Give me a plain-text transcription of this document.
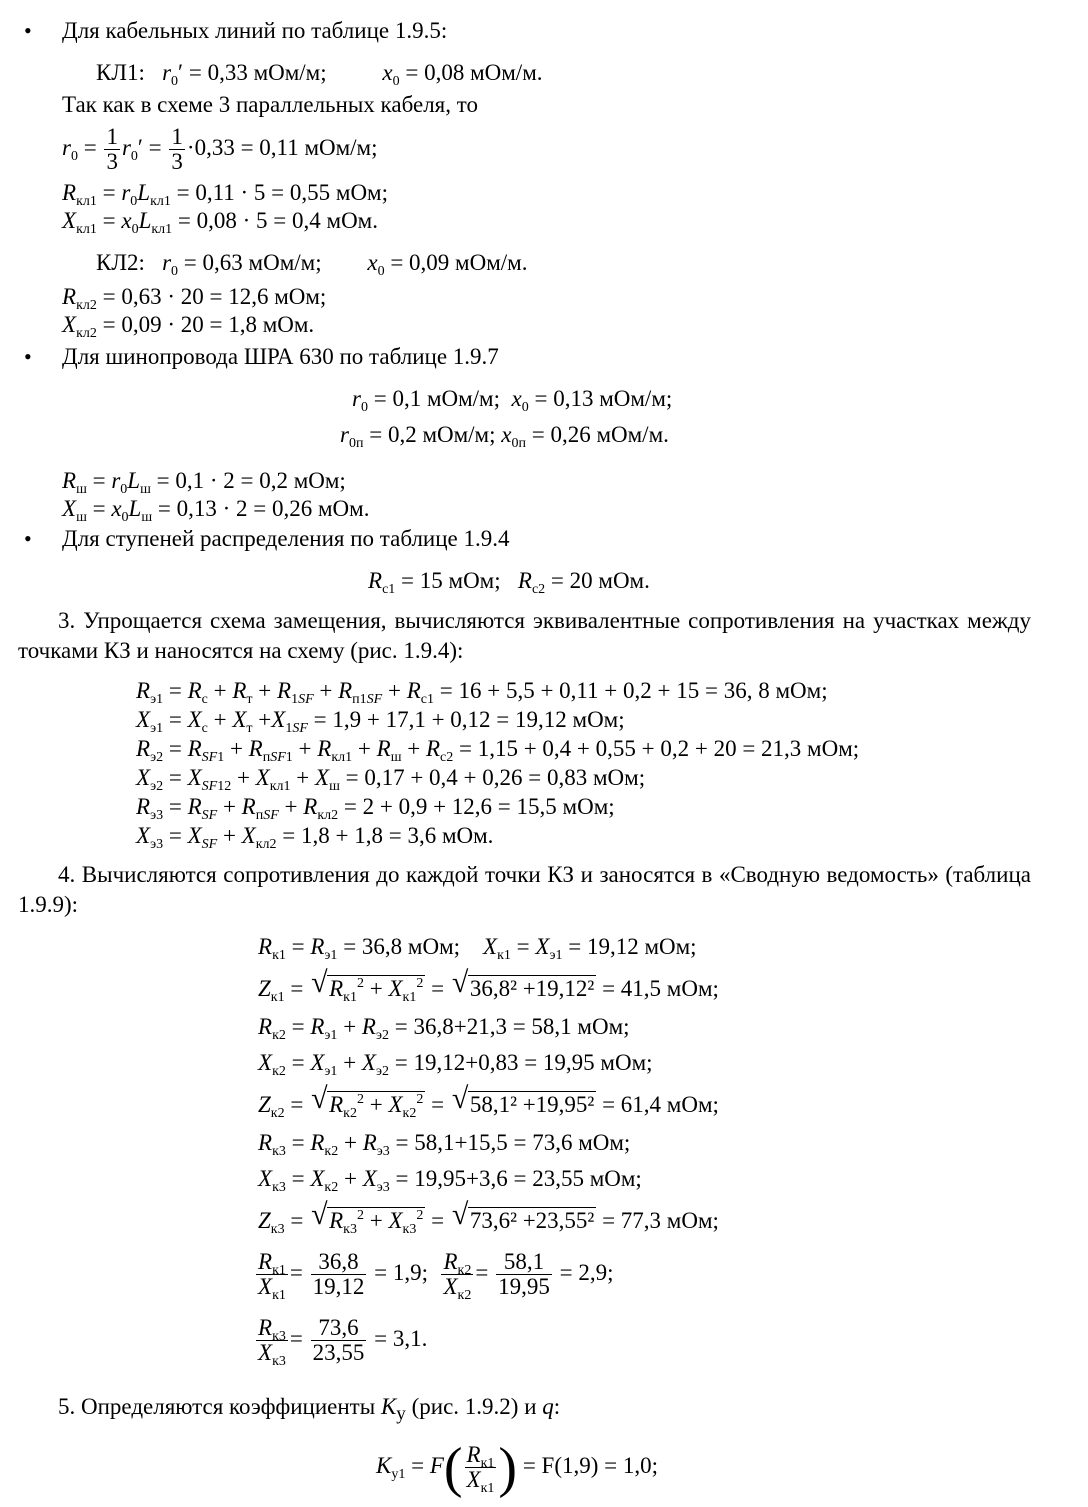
• Для кабельных линий по таблице 1.9.5:
КЛ1: $r_0' = 0,33$ мОм/м; $x_0 = 0,08$ мОм/м.
Так как в схеме 3 параллельных кабеля, то
$r_0 = \frac{1}{3} r_0' = \frac{1}{3} \cdot 0,33 = 0,11$ мОм/м;
$R_{кл1} = r_0L_{кл1} = 0,11 \cdot 5 = 0,55$ мОм;
$X_{кл1} = x_0L_{кл1} = 0,08 \cdot 5 = 0,4$ мОм.
КЛ2: $r_0 = 0,63$ мОм/м; $x_0 = 0,09$ мОм/м.
$R_{кл2} = 0,63 \cdot 20 = 12,6$ мОм;
$X_{кл2} = 0,09 \cdot 20 = 1,8$ мОм.
• Для шинопровода ШРА 630 по таблице 1.9.7
$r_0 = 0,1$ мОм/м; $x_0 = 0,13$ мОм/м;
$r_{0п} = 0,2$ мОм/м; $x_{0п} = 0,26$ мОм/м.
$R_ш = r_0L_ш = 0,1 \cdot 2 = 0,2$ мОм;
$X_ш = x_0L_ш = 0,13 \cdot 2 = 0,26$ мОм.
• Для ступеней распределения по таблице 1.9.4
$R_{c1} = 15$ мОм; $R_{c2} = 20$ мОм.
3. Упрощается схема замещения, вычисляются эквивалентные сопротивления на участках между точками КЗ и наносятся на схему (рис. 1.9.4):
$R_{э1} = R_с + R_т + R_{1SF} + R_{п1SF} + R_{с1} = 16 + 5,5 + 0,11 + 0,2 + 15 = 36$, 8 мОм;
$X_{э1} = X_с + X_т +X_{1SF} = 1,9 + 17,1 + 0,12 = 19,12$ мОм;
$R_{э2} = R_{SF1} + R_{пSF1} + R_{кл1} + R_ш + R_{с2} = 1,15 + 0,4 + 0,55 + 0,2 + 20 = 21,3$ мОм;
$X_{э2} = X_{SF12} + X_{кл1} + X_ш = 0,17 + 0,4 + 0,26 = 0,83$ мОм;
$R_{э3} = R_{SF} + R_{пSF} + R_{кл2} = 2 + 0,9 + 12,6 = 15,5$ мОм;
$X_{э3} = X_{SF} + X_{кл2} = 1,8 + 1,8 = 3,6$ мОм.
4. Вычисляются сопротивления до каждой точки КЗ и заносятся в «Сводную ведомость» (таблица 1.9.9):
$R_{к1} = R_{э1} = 36,8$ мОм; $X_{к1} = X_{э1} = 19,12$ мОм;
$Z_{к1}$ = √ $R_{к1}^2 + X_{к1}^2$ = √ 36,8² +19,12² = 41,5 мОм;
$R_{к2} = R_{э1} + R_{э2} = 36,8+21,3 = 58,1$ мОм;
$X_{к2} = X_{э1} + X_{э2} = 19,12+0,83 = 19,95$ мОм;
$Z_{к2}$ = √ $R_{к2}^2 + X_{к2}^2$ = √ 58,1² +19,95² = 61,4 мОм;
$R_{к3} = R_{к2} + R_{э3} = 58,1+15,5 = 73,6$ мОм;
$X_{к3} = X_{к2} + X_{э3} = 19,95+3,6 = 23,55$ мОм;
$Z_{к3}$ = √ $R_{к3}^2 + X_{к3}^2$ = √ 73,6² +23,55² = 77,3 мОм;
$\frac{R_{к1}}{X_{к1}} = \frac{36,8}{19,12} = 1,9$; $\frac{R_{к2}}{X_{к2}} = \frac{58,1}{19,95} = 2,9$;
$\frac{R_{к3}}{X_{к3}} = \frac{73,6}{23,55} = 3,1$.
5. Определяются коэффициенты $K_у$ (рис. 1.9.2) и q:
$K_{у1} = F( \frac{R_{к1}}{X_{к1}}$ ) = F(1,9) = 1,0;
